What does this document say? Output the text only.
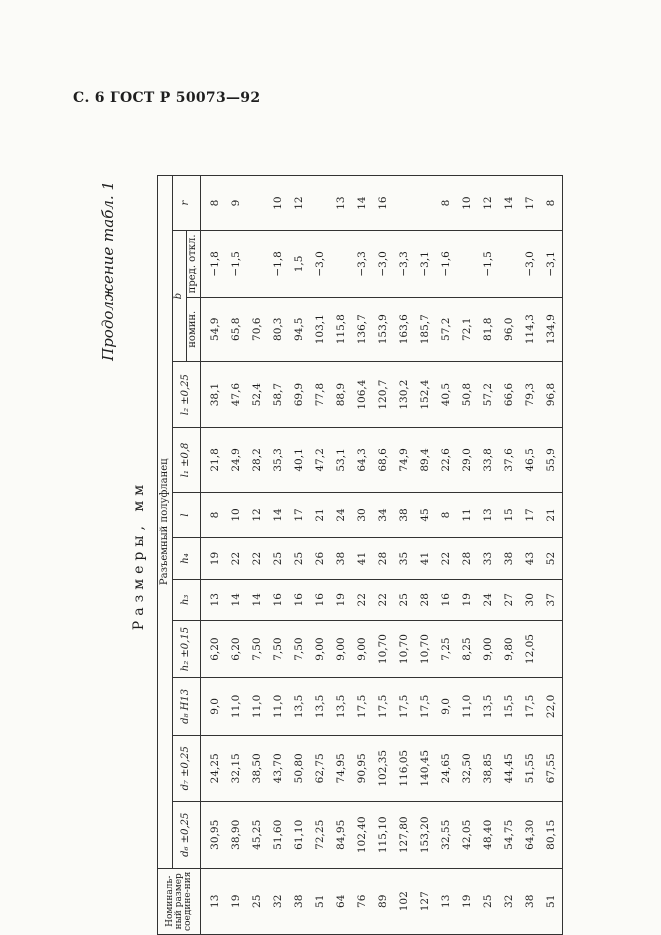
С. 6 ГОСТ Р 50073—92
Продолжение табл. 1
Размеры, мм
Номиналь-ный размер соедине-ния	Разъемный полуфланец											
	d₆ ±0,25	d₇ ±0,25	d₈ H13	h₂ ±0,15	h₃	h₄	l	l₁ ±0,8	l₂ ±0,25	b		r
										номин.	пред. откл.	
13	30,95	24,25	9,0	6,20	13	19	8	21,8	38,1	54,9	−1,8	8
19	38,90	32,15	11,0	6,20	14	22	10	24,9	47,6	65,8	−1,5	9
25	45,25	38,50	11,0	7,50	14	22	12	28,2	52,4	70,6		
32	51,60	43,70	11,0	7,50	16	25	14	35,3	58,7	80,3	−1,8	10
38	61,10	50,80	13,5	7,50	16	25	17	40,1	69,9	94,5	1,5	12
51	72,25	62,75	13,5	9,00	16	26	21	47,2	77,8	103,1	−3,0	
64	84,95	74,95	13,5	9,00	19	38	24	53,1	88,9	115,8		13
76	102,40	90,95	17,5	9,00	22	41	30	64,3	106,4	136,7	−3,3	14
89	115,10	102,35	17,5	10,70	22	28	34	68,6	120,7	153,9	−3,0	16
102	127,80	116,05	17,5	10,70	25	35	38	74,9	130,2	163,6	−3,3	
127	153,20	140,45	17,5	10,70	28	41	45	89,4	152,4	185,7	−3,1	
13	32,55	24,65	9,0	7,25	16	22	8	22,6	40,5	57,2	−1,6	8
19	42,05	32,50	11,0	8,25	19	28	11	29,0	50,8	72,1		10
25	48,40	38,85	13,5	9,00	24	33	13	33,8	57,2	81,8	−1,5	12
32	54,75	44,45	15,5	9,80	27	38	15	37,6	66,6	96,0		14
38	64,30	51,55	17,5	12,05	30	43	17	46,5	79,3	114,3	−3,0	17
51	80,15	67,55	22,0		37	52	21	55,9	96,8	134,9	−3,1	8
